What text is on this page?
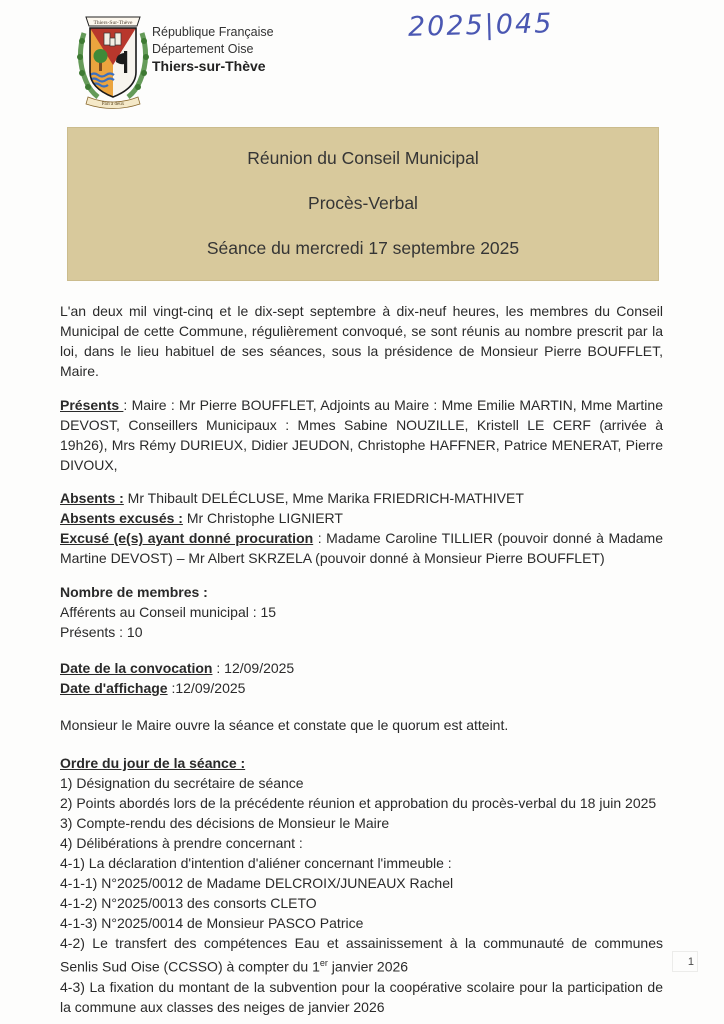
Thiers-Sur-Thève
Pari à deux
République Française
Département Oise
Thiers-sur-Thève
2025|045
Réunion du Conseil Municipal
Procès-Verbal
Séance du mercredi 17 septembre 2025
L'an deux mil vingt-cinq et le dix-sept septembre à dix-neuf heures, les membres du Conseil Municipal de cette Commune, régulièrement convoqué, se sont réunis au nombre prescrit par la loi, dans le lieu habituel de ses séances, sous la présidence de Monsieur Pierre BOUFFLET, Maire.
Présents : Maire : Mr Pierre BOUFFLET, Adjoints au Maire : Mme Emilie MARTIN, Mme Martine DEVOST, Conseillers Municipaux : Mmes Sabine NOUZILLE, Kristell LE CERF (arrivée à 19h26), Mrs Rémy DURIEUX, Didier JEUDON, Christophe HAFFNER, Patrice MENERAT, Pierre DIVOUX,
Absents : Mr Thibault DELÉCLUSE, Mme Marika FRIEDRICH-MATHIVET
Absents excusés : Mr Christophe LIGNIERT
Excusé (e(s) ayant donné procuration : Madame Caroline TILLIER (pouvoir donné à Madame Martine DEVOST) – Mr Albert SKRZELA (pouvoir donné à Monsieur Pierre BOUFFLET)
Nombre de membres :
Afférents au Conseil municipal : 15
Présents : 10
Date de la convocation : 12/09/2025
Date d'affichage :12/09/2025
Monsieur le Maire ouvre la séance et constate que le quorum est atteint.
Ordre du jour de la séance :
1) Désignation du secrétaire de séance
2) Points abordés lors de la précédente réunion et approbation du procès-verbal du 18 juin 2025
3) Compte-rendu des décisions de Monsieur le Maire
4) Délibérations à prendre concernant :
4-1) La déclaration d'intention d'aliéner concernant l'immeuble :
4-1-1) N°2025/0012 de Madame DELCROIX/JUNEAUX Rachel
4-1-2) N°2025/0013 des consorts CLETO
4-1-3) N°2025/0014 de Monsieur PASCO Patrice
4-2) Le transfert des compétences Eau et assainissement à la communauté de communes Senlis Sud Oise (CCSSO) à compter du 1er janvier 2026
4-3) La fixation du montant de la subvention pour la coopérative scolaire pour la participation de la commune aux classes des neiges de janvier 2026
1
